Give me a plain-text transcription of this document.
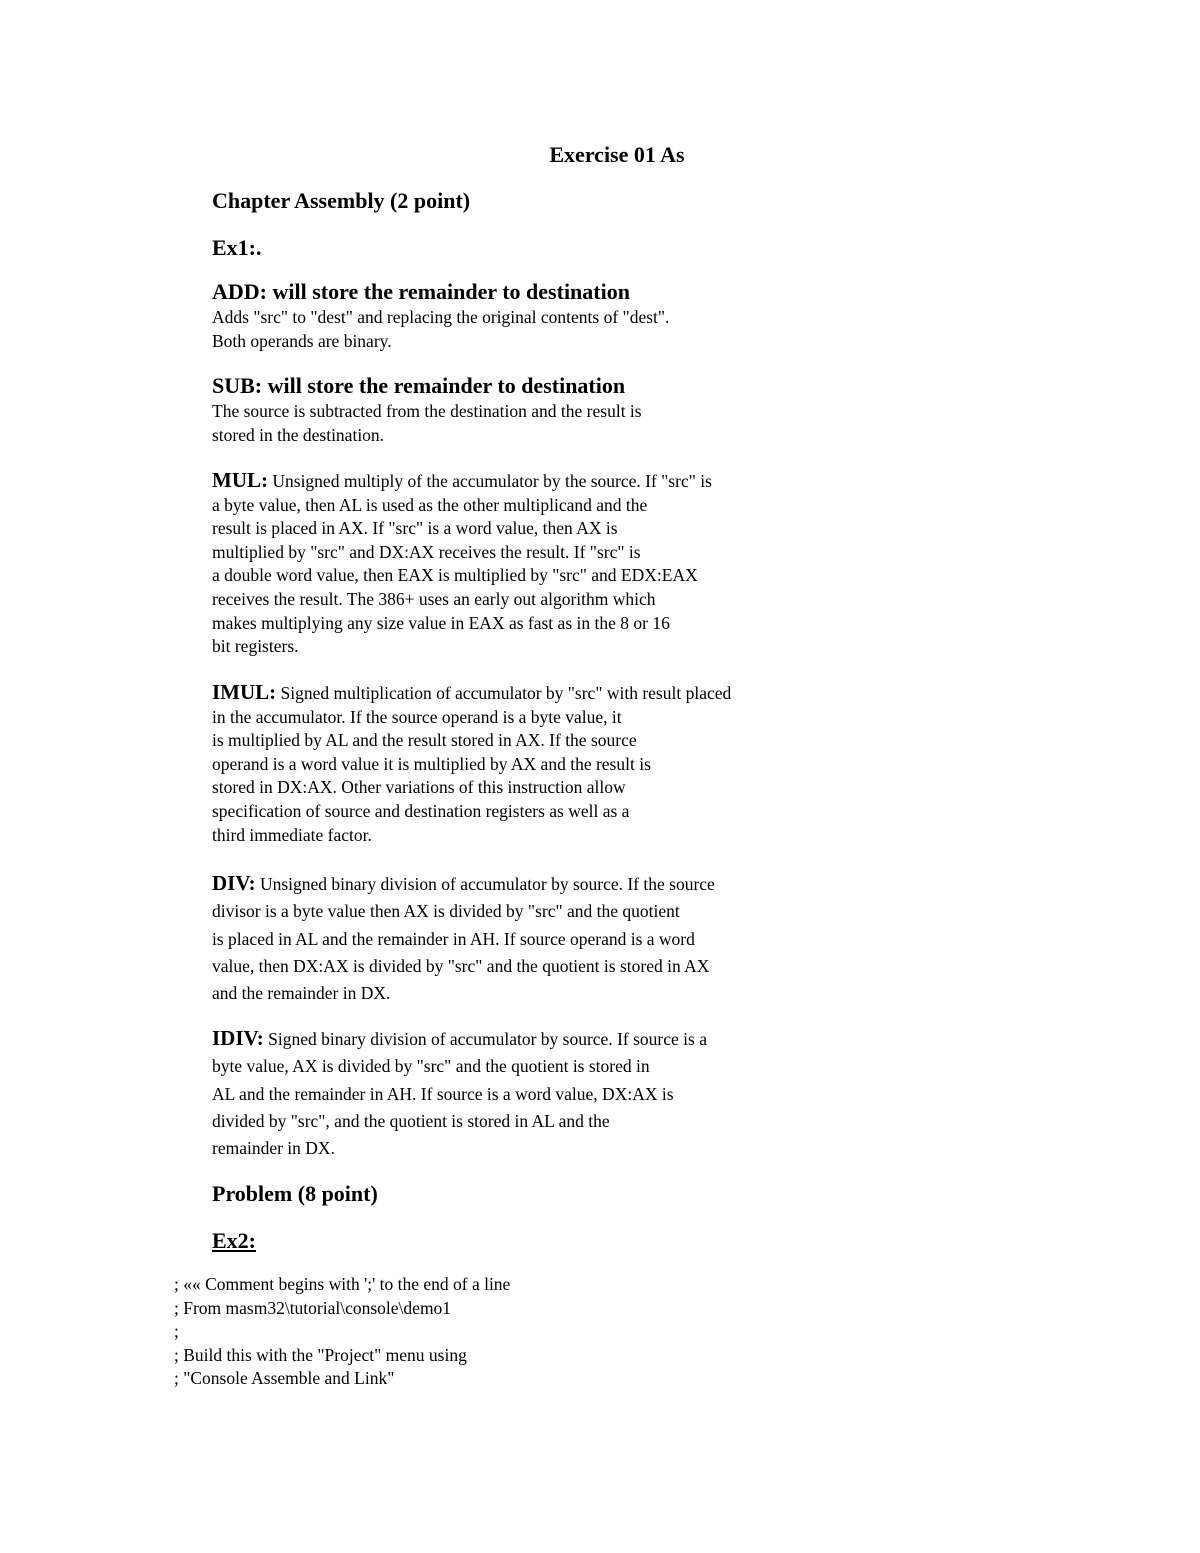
Exercise 01 As
Chapter Assembly (2 point)
Ex1:.
ADD: will store the remainder to destination
Adds "src" to "dest" and replacing the original contents of "dest".
Both operands are binary.
SUB: will store the remainder to destination
The source is subtracted from the destination and the result is
stored in the destination.
MUL: Unsigned multiply of the accumulator by the source. If "src" is
a byte value, then AL is used as the other multiplicand and the
result is placed in AX. If "src" is a word value, then AX is
multiplied by "src" and DX:AX receives the result. If "src" is
a double word value, then EAX is multiplied by "src" and EDX:EAX
receives the result. The 386+ uses an early out algorithm which
makes multiplying any size value in EAX as fast as in the 8 or 16
bit registers.
IMUL: Signed multiplication of accumulator by "src" with result placed
in the accumulator. If the source operand is a byte value, it
is multiplied by AL and the result stored in AX. If the source
operand is a word value it is multiplied by AX and the result is
stored in DX:AX. Other variations of this instruction allow
specification of source and destination registers as well as a
third immediate factor.
DIV: Unsigned binary division of accumulator by source. If the source
divisor is a byte value then AX is divided by "src" and the quotient
is placed in AL and the remainder in AH. If source operand is a word
value, then DX:AX is divided by "src" and the quotient is stored in AX
and the remainder in DX.
IDIV: Signed binary division of accumulator by source. If source is a
byte value, AX is divided by "src" and the quotient is stored in
AL and the remainder in AH. If source is a word value, DX:AX is
divided by "src", and the quotient is stored in AL and the
remainder in DX.
Problem (8 point)
Ex2:
; «« Comment begins with ';' to the end of a line
; From masm32\tutorial\console\demo1
;
; Build this with the "Project" menu using
; "Console Assemble and Link"
